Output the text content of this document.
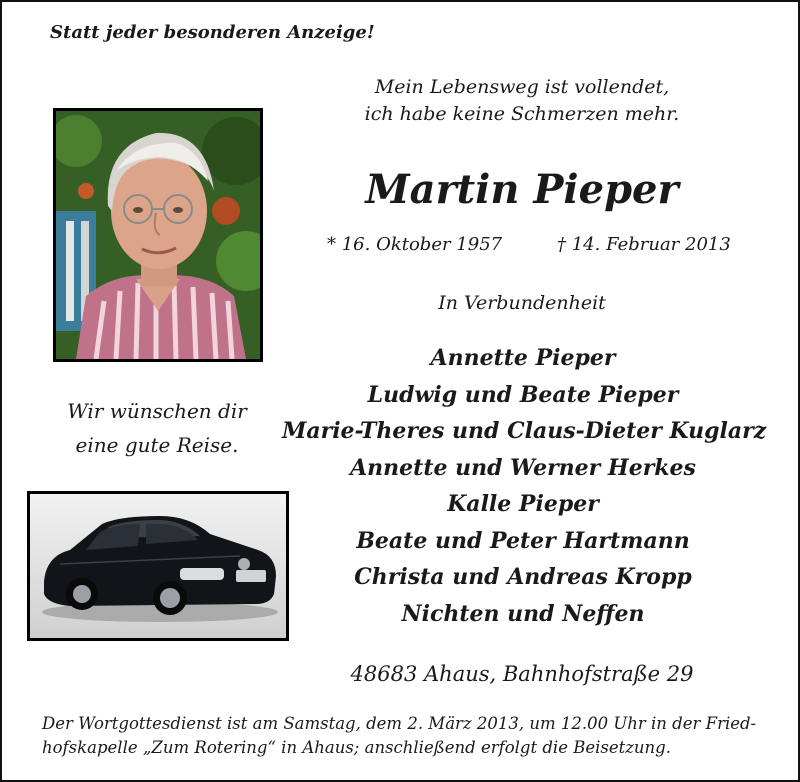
Statt jeder besonderen Anzeige!
Mein Lebensweg ist vollendet,
ich habe keine Schmerzen mehr.
Martin Pieper
* 16. Oktober 1957	† 14. Februar 2013
In Verbundenheit
Annette Pieper
Ludwig und Beate Pieper
Marie-Theres und Claus-Dieter Kuglarz
Annette und Werner Herkes
Kalle Pieper
Beate und Peter Hartmann
Christa und Andreas Kropp
Nichten und Neffen
Wir wünschen dir
eine gute Reise.
48683 Ahaus, Bahnhofstraße 29
Der Wortgottesdienst ist am Samstag, dem 2. März 2013, um 12.00 Uhr in der Fried-
hofskapelle „Zum Rotering“ in Ahaus; anschließend erfolgt die Beisetzung.
